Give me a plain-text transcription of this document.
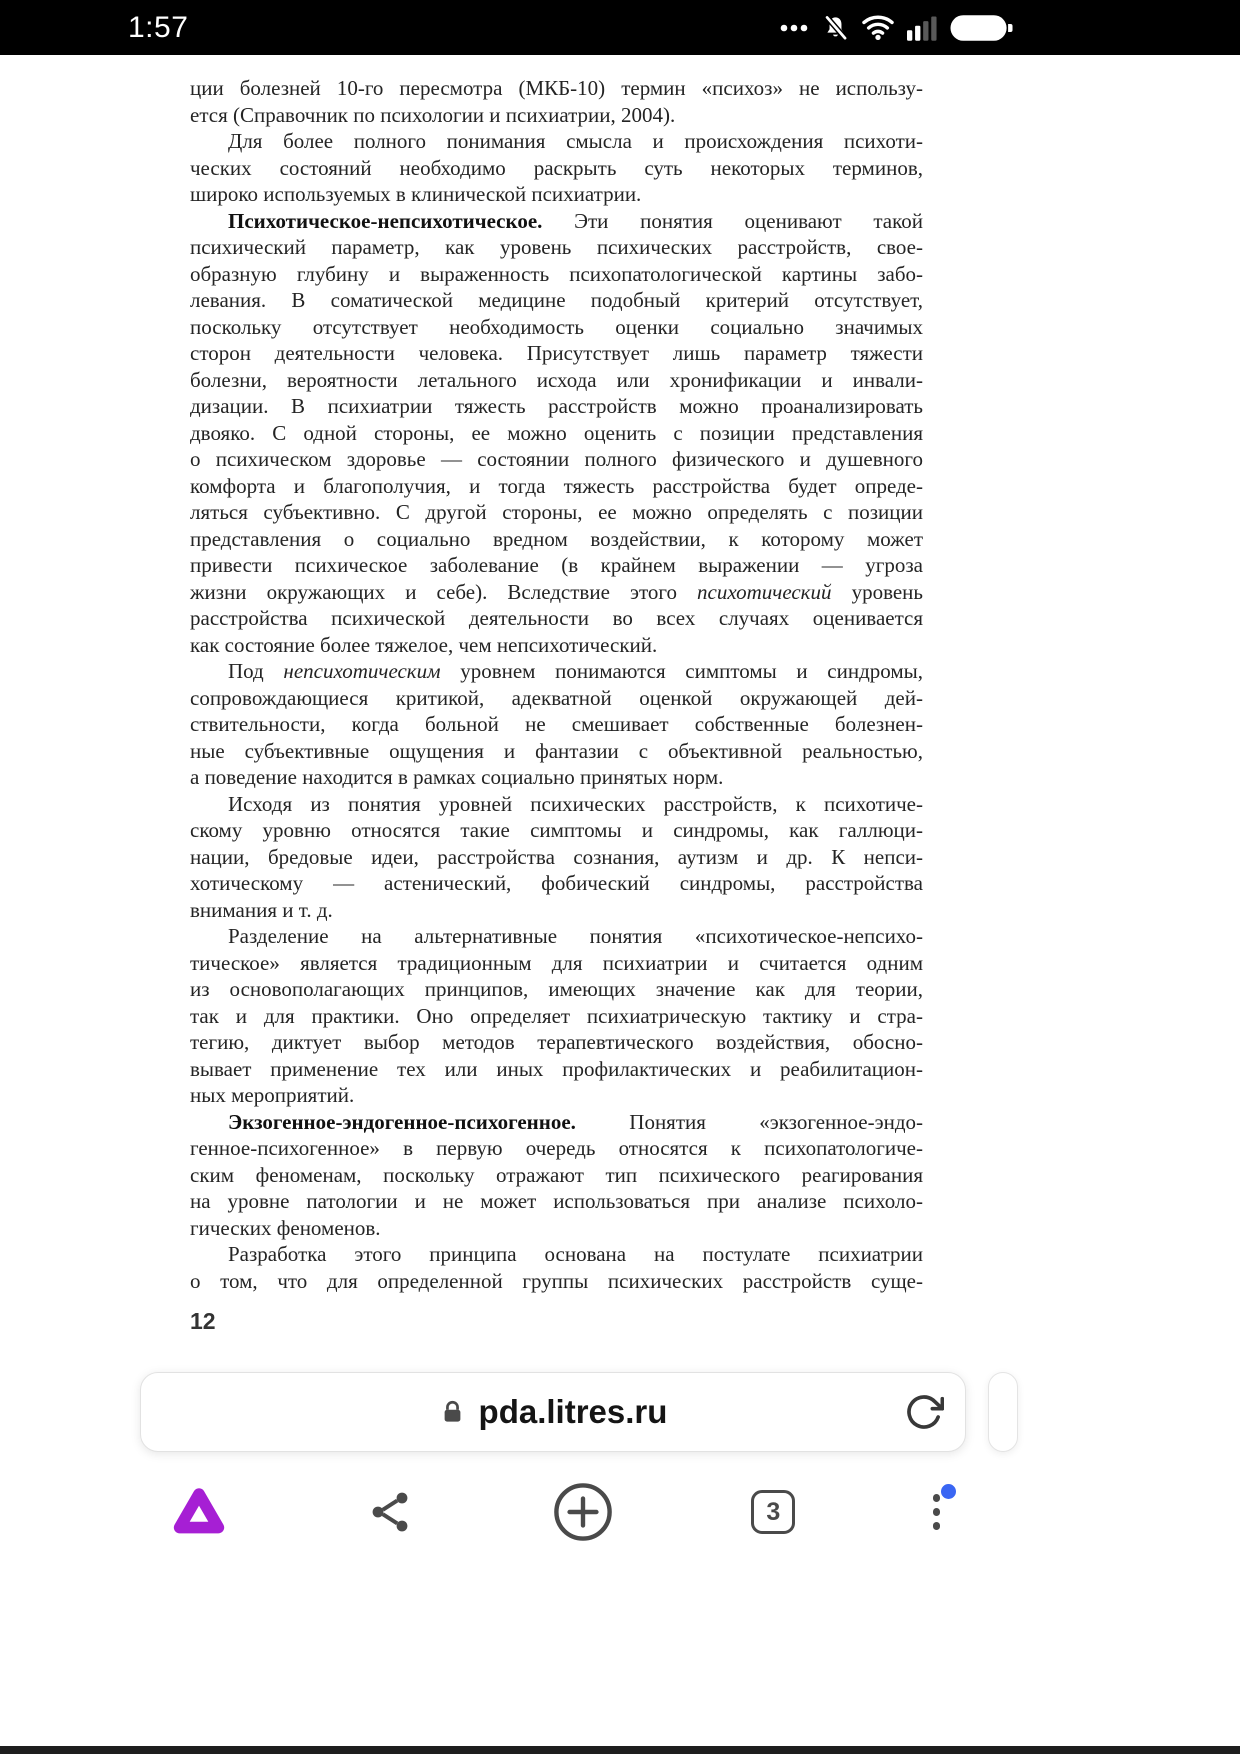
1:57
ции болезней 10-го пересмотра (МКБ-10) термин «психоз» не использу-
ется (Справочник по психологии и психиатрии, 2004).
Для более полного понимания смысла и происхождения психоти-
ческих состояний необходимо раскрыть суть некоторых терминов,
широко используемых в клинической психиатрии.
Психотическое-непсихотическое. Эти понятия оценивают такой
психический параметр, как уровень психических расстройств, свое-
образную глубину и выраженность психопатологической картины забо-
левания. В соматической медицине подобный критерий отсутствует,
поскольку отсутствует необходимость оценки социально значимых
сторон деятельности человека. Присутствует лишь параметр тяжести
болезни, вероятности летального исхода или хронификации и инвали-
дизации. В психиатрии тяжесть расстройств можно проанализировать
двояко. С одной стороны, ее можно оценить с позиции представления
о психическом здоровье — состоянии полного физического и душевного
комфорта и благополучия, и тогда тяжесть расстройства будет опреде-
ляться субъективно. С другой стороны, ее можно определять с позиции
представления о социально вредном воздействии, к которому может
привести психическое заболевание (в крайнем выражении — угроза
жизни окружающих и себе). Вследствие этого психотический уровень
расстройства психической деятельности во всех случаях оценивается
как состояние более тяжелое, чем непсихотический.
Под непсихотическим уровнем понимаются симптомы и синдромы,
сопровождающиеся критикой, адекватной оценкой окружающей дей-
ствительности, когда больной не смешивает собственные болезнен-
ные субъективные ощущения и фантазии с объективной реальностью,
а поведение находится в рамках социально принятых норм.
Исходя из понятия уровней психических расстройств, к психотиче-
скому уровню относятся такие симптомы и синдромы, как галлюци-
нации, бредовые идеи, расстройства сознания, аутизм и др. К непси-
хотическому — астенический, фобический синдромы, расстройства
внимания и т. д.
Разделение на альтернативные понятия «психотическое-непсихо-
тическое» является традиционным для психиатрии и считается одним
из основополагающих принципов, имеющих значение как для теории,
так и для практики. Оно определяет психиатрическую тактику и стра-
тегию, диктует выбор методов терапевтического воздействия, обосно-
вывает применение тех или иных профилактических и реабилитацион-
ных мероприятий.
Экзогенное-эндогенное-психогенное. Понятия «экзогенное-эндо-
генное-психогенное» в первую очередь относятся к психопатологиче-
ским феноменам, поскольку отражают тип психического реагирования
на уровне патологии и не может использоваться при анализе психоло-
гических феноменов.
Разработка этого принципа основана на постулате психиатрии
о том, что для определенной группы психических расстройств суще-
12
pda.litres.ru
3
